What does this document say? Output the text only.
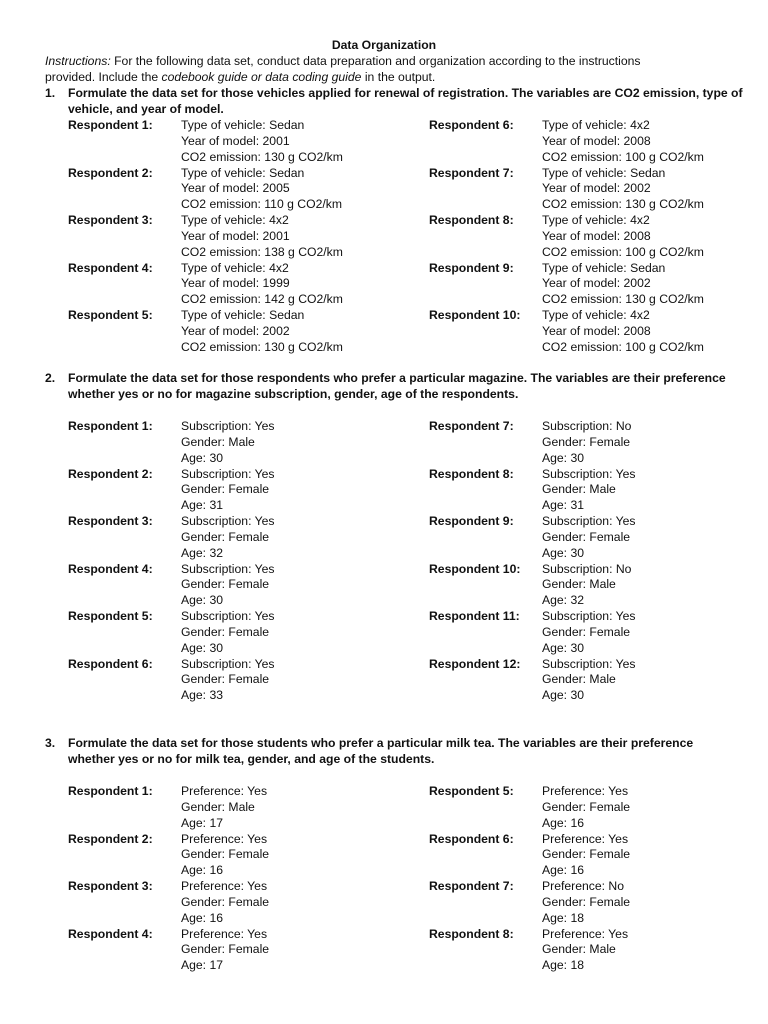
Data Organization
Instructions: For the following data set, conduct data preparation and organization according to the instructions
provided. Include the codebook guide or data coding guide in the output.
1. Formulate the data set for those vehicles applied for renewal of registration. The variables are CO2 emission, type of
vehicle, and year of model.
Respondent 1: Type of vehicle: Sedan
Year of model: 2001
CO2 emission: 130 g CO2/km
Respondent 2: Type of vehicle: Sedan
Year of model: 2005
CO2 emission: 110 g CO2/km
Respondent 3: Type of vehicle: 4x2
Year of model: 2001
CO2 emission: 138 g CO2/km
Respondent 4: Type of vehicle: 4x2
Year of model: 1999
CO2 emission: 142 g CO2/km
Respondent 5: Type of vehicle: Sedan
Year of model: 2002
CO2 emission: 130 g CO2/km
Respondent 6: Type of vehicle: 4x2
Year of model: 2008
CO2 emission: 100 g CO2/km
Respondent 7: Type of vehicle: Sedan
Year of model: 2002
CO2 emission: 130 g CO2/km
Respondent 8: Type of vehicle: 4x2
Year of model: 2008
CO2 emission: 100 g CO2/km
Respondent 9: Type of vehicle: Sedan
Year of model: 2002
CO2 emission: 130 g CO2/km
Respondent 10: Type of vehicle: 4x2
Year of model: 2008
CO2 emission: 100 g CO2/km
2. Formulate the data set for those respondents who prefer a particular magazine. The variables are their preference
whether yes or no for magazine subscription, gender, age of the respondents.
Respondent 1: Subscription: Yes
Gender: Male
Age: 30
Respondent 2: Subscription: Yes
Gender: Female
Age: 31
Respondent 3: Subscription: Yes
Gender: Female
Age: 32
Respondent 4: Subscription: Yes
Gender: Female
Age: 30
Respondent 5: Subscription: Yes
Gender: Female
Age: 30
Respondent 6: Subscription: Yes
Gender: Female
Age: 33
Respondent 7: Subscription: No
Gender: Female
Age: 30
Respondent 8: Subscription: Yes
Gender: Male
Age: 31
Respondent 9: Subscription: Yes
Gender: Female
Age: 30
Respondent 10: Subscription: No
Gender: Male
Age: 32
Respondent 11: Subscription: Yes
Gender: Female
Age: 30
Respondent 12: Subscription: Yes
Gender: Male
Age: 30
3. Formulate the data set for those students who prefer a particular milk tea. The variables are their preference
whether yes or no for milk tea, gender, and age of the students.
Respondent 1: Preference: Yes
Gender: Male
Age: 17
Respondent 2: Preference: Yes
Gender: Female
Age: 16
Respondent 3: Preference: Yes
Gender: Female
Age: 16
Respondent 4: Preference: Yes
Gender: Female
Age: 17
Respondent 5: Preference: Yes
Gender: Female
Age: 16
Respondent 6: Preference: Yes
Gender: Female
Age: 16
Respondent 7: Preference: No
Gender: Female
Age: 18
Respondent 8: Preference: Yes
Gender: Male
Age: 18
